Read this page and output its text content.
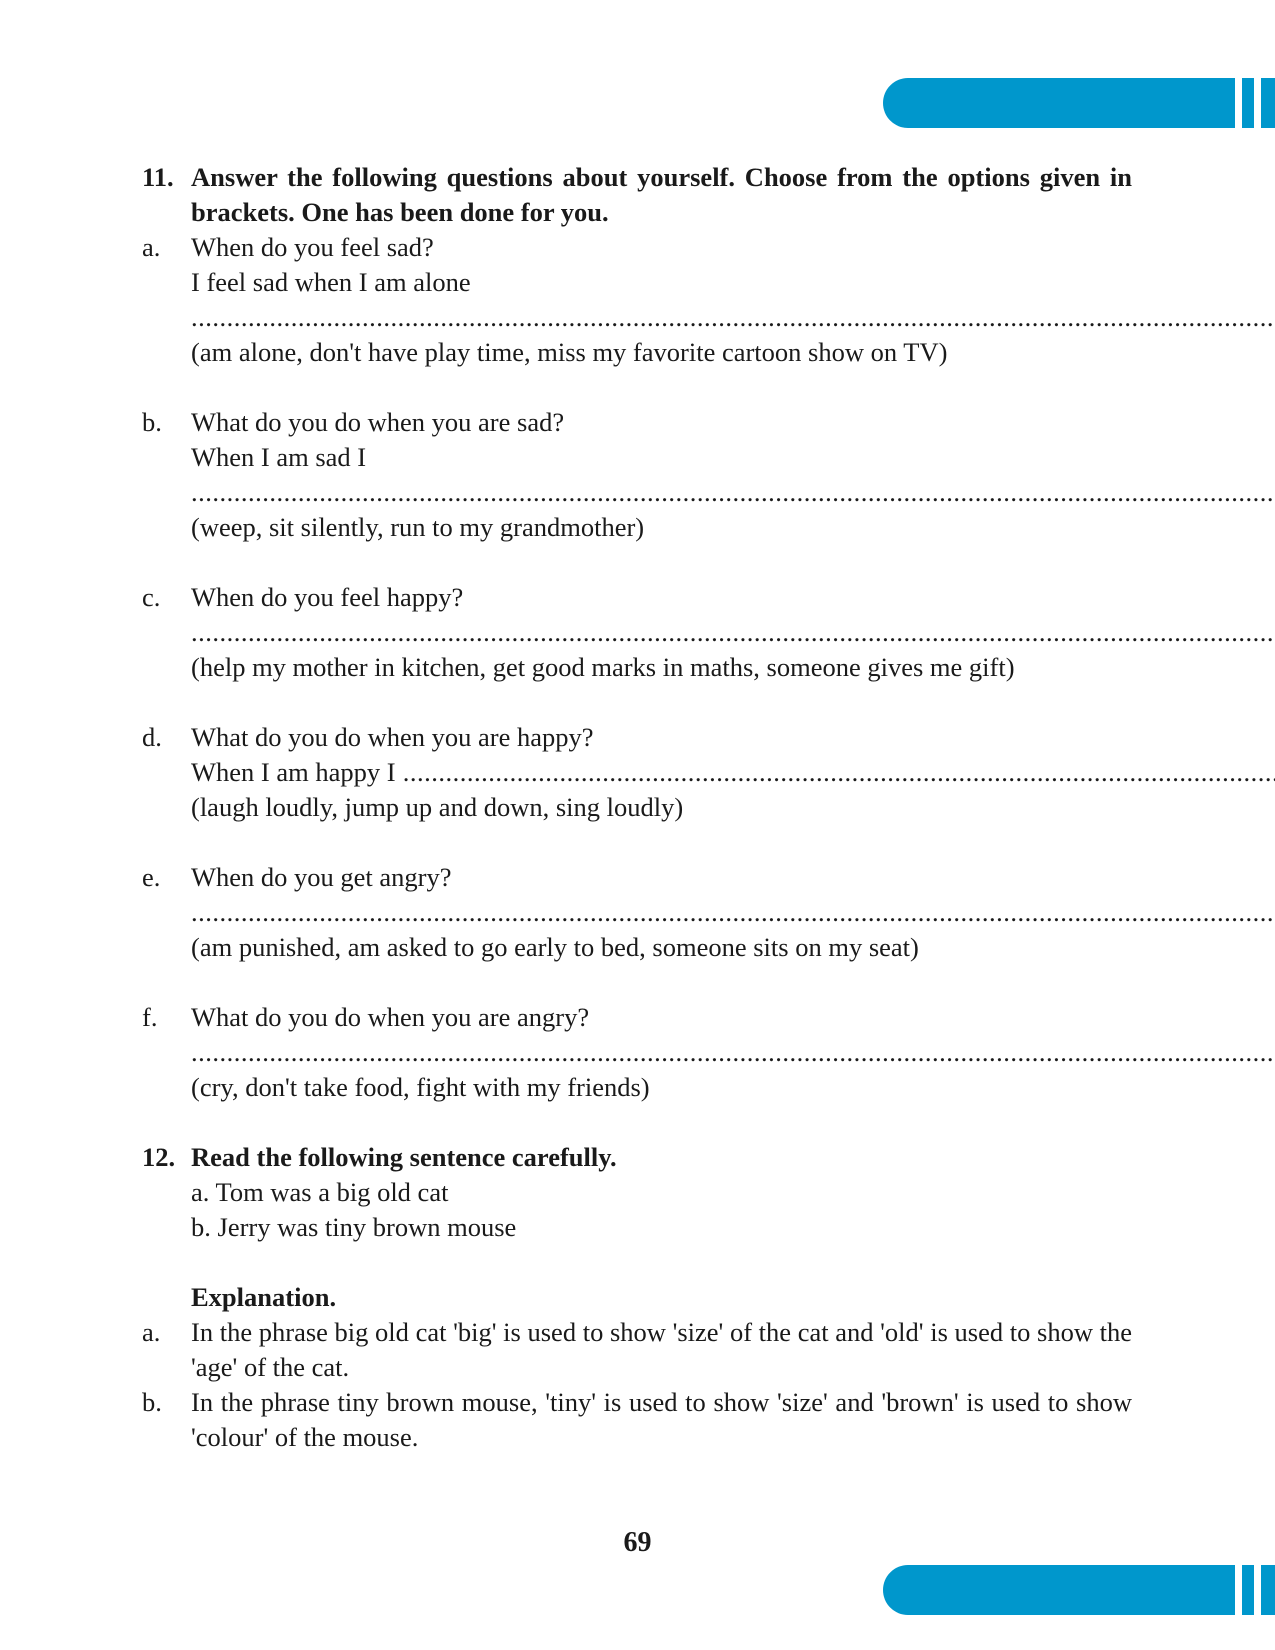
11. Answer the following questions about yourself. Choose from the options given in brackets. One has been done for you.
a.	When do you feel sad?
I feel sad when I am alone
.....
(am alone, don't have play time, miss my favorite cartoon show on TV)
b.	What do you do when you are sad?
When I am sad I
.....
(weep, sit silently, run to my grandmother)
c.	When do you feel happy?
.....
(help my mother in kitchen, get good marks in maths, someone gives me gift)
d.	What do you do when you are happy?
When I am happy I
.....
(laugh loudly, jump up and down, sing loudly)
e.	When do you get angry?
.....
(am punished, am asked to go early to bed, someone sits on my seat)
f.	What do you do when you are angry?
.....
(cry, don't take food, fight with my friends)
12. Read the following sentence carefully.
a. Tom was a big old cat
b. Jerry was tiny brown mouse
Explanation.
a.	In the phrase big old cat 'big' is used to show 'size' of the cat and 'old' is used to show the 'age' of the cat.
b.	In the phrase tiny brown mouse, 'tiny' is used to show 'size' and 'brown' is used to show 'colour' of the mouse.
69
